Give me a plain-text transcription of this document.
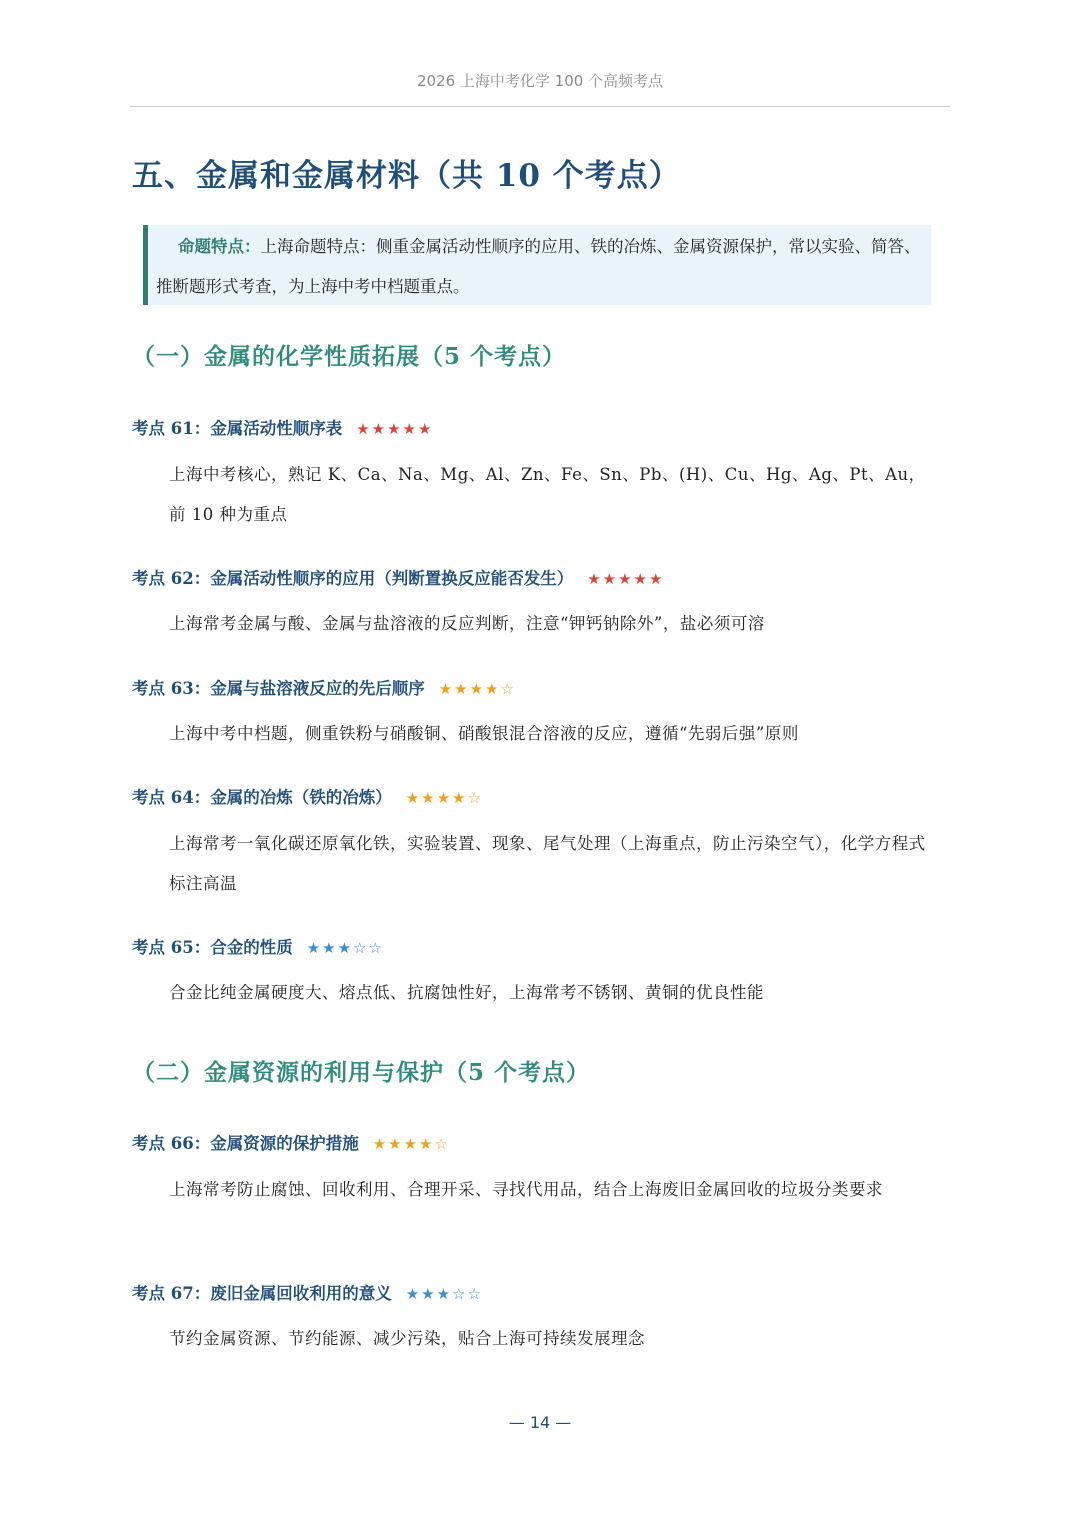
2026 上海中考化学 100 个高频考点
五、金属和金属材料（共 10 个考点）
命题特点：上海命题特点：侧重金属活动性顺序的应用、铁的冶炼、金属资源保护，常以实验、简答、推断题形式考查，为上海中考中档题重点。
（一）金属的化学性质拓展（5 个考点）
考点 61：金属活动性顺序表 ★★★★★

上海中考核心，熟记 K、Ca、Na、Mg、Al、Zn、Fe、Sn、Pb、(H)、Cu、Hg、Ag、Pt、Au，前 10 种为重点

考点 62：金属活动性顺序的应用（判断置换反应能否发生） ★★★★★

上海常考金属与酸、金属与盐溶液的反应判断，注意“钾钙钠除外”，盐必须可溶

考点 63：金属与盐溶液反应的先后顺序 ★★★★☆

上海中考中档题，侧重铁粉与硝酸铜、硝酸银混合溶液的反应，遵循“先弱后强”原则

考点 64：金属的冶炼（铁的冶炼） ★★★★☆

上海常考一氧化碳还原氧化铁，实验装置、现象、尾气处理（上海重点，防止污染空气），化学方程式标注高温

考点 65：合金的性质 ★★★☆☆

合金比纯金属硬度大、熔点低、抗腐蚀性好，上海常考不锈钢、黄铜的优良性能

（二）金属资源的利用与保护（5 个考点）
考点 66：金属资源的保护措施 ★★★★☆

上海常考防止腐蚀、回收利用、合理开采、寻找代用品，结合上海废旧金属回收的垃圾分类要求

考点 67：废旧金属回收利用的意义 ★★★☆☆

节约金属资源、节约能源、减少污染，贴合上海可持续发展理念

— 14 —
